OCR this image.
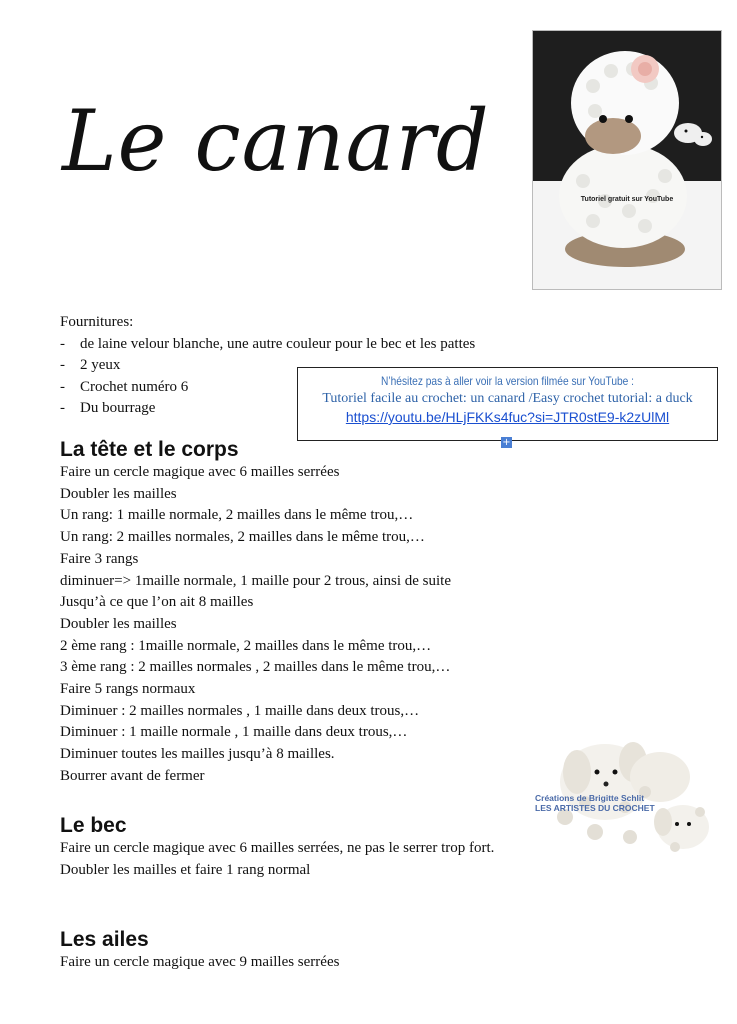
Le canard
Tutoriel gratuit sur YouTube
Fournitures:
- de laine velour blanche, une autre couleur pour le bec et les pattes
- 2 yeux
- Crochet numéro 6
- Du bourrage
N’hésitez pas à aller voir la version filmée sur YouTube :
Tutoriel facile au crochet: un canard /Easy crochet tutorial: a duck
https://youtu.be/HLjFKKs4fuc?si=JTR0stE9-k2zUlMl
+
La tête et le corps
Faire un cercle magique avec 6 mailles serrées
Doubler les mailles
Un rang: 1 maille normale, 2 mailles dans le même trou,…
Un rang: 2 mailles normales, 2 mailles dans le même trou,…
Faire 3 rangs
diminuer=> 1maille normale, 1 maille pour 2 trous, ainsi de suite
Jusqu’à ce que l’on ait 8 mailles
Doubler les mailles
2 ème rang : 1maille normale, 2 mailles dans le même trou,…
3 ème rang : 2 mailles normales , 2 mailles dans le même trou,…
Faire 5 rangs normaux
Diminuer : 2 mailles normales , 1 maille dans deux trous,…
Diminuer : 1 maille normale , 1 maille dans deux trous,…
Diminuer toutes les mailles jusqu’à 8 mailles.
Bourrer avant de fermer
Créations de Brigitte Schlit
LES ARTISTES DU CROCHET
Le bec
Faire un cercle magique avec 6 mailles serrées, ne pas le serrer trop fort.
Doubler les mailles et faire 1 rang normal
Les ailes
Faire un cercle magique avec 9 mailles serrées
